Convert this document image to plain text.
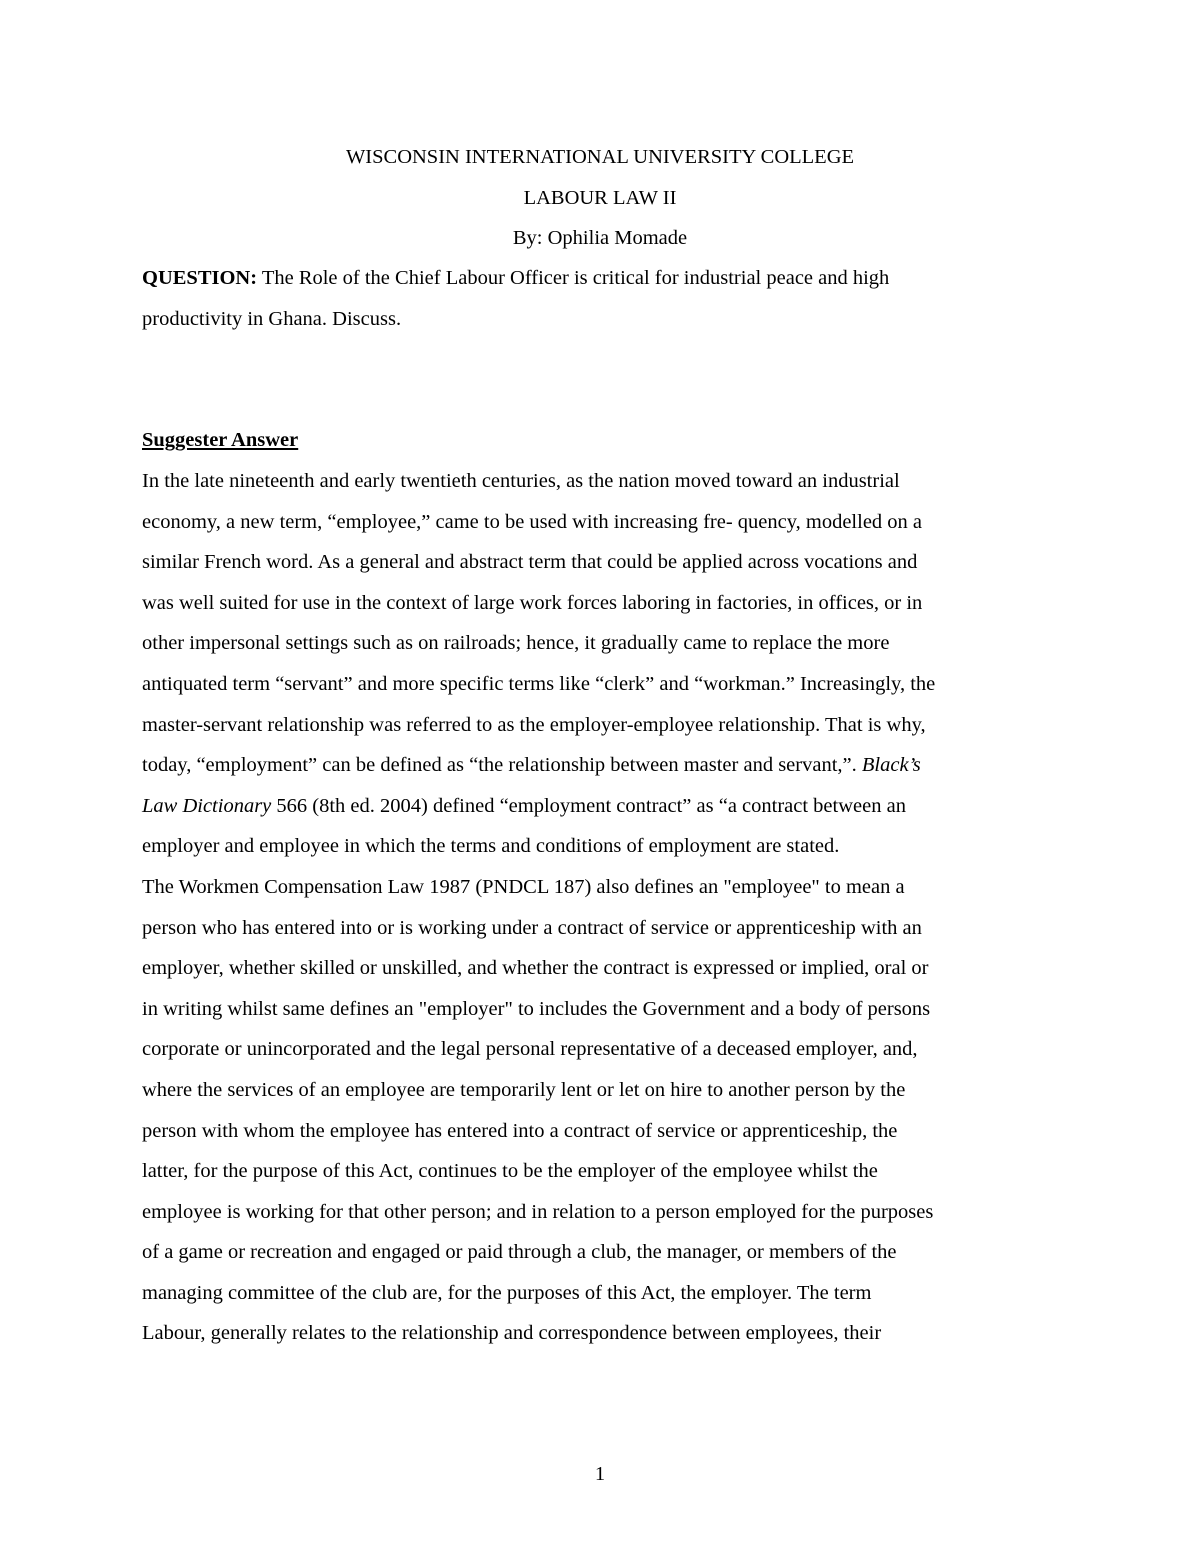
WISCONSIN INTERNATIONAL UNIVERSITY COLLEGE
LABOUR LAW II
By: Ophilia Momade
QUESTION: The Role of the Chief Labour Officer is critical for industrial peace and high
productivity in Ghana. Discuss.
Suggester Answer
In the late nineteenth and early twentieth centuries, as the nation moved toward an industrial
economy, a new term, “employee,” came to be used with increasing fre- quency, modelled on a
similar French word. As a general and abstract term that could be applied across vocations and
was well suited for use in the context of large work forces laboring in factories, in offices, or in
other impersonal settings such as on railroads; hence, it gradually came to replace the more
antiquated term “servant” and more specific terms like “clerk” and “workman.” Increasingly, the
master-servant relationship was referred to as the employer-employee relationship. That is why,
today, “employment” can be defined as “the relationship between master and servant,”. Black’s
Law Dictionary 566 (8th ed. 2004) defined “employment contract” as “a contract between an
employer and employee in which the terms and conditions of employment are stated.
The Workmen Compensation Law 1987 (PNDCL 187) also defines an "employee" to mean a
person who has entered into or is working under a contract of service or apprenticeship with an
employer, whether skilled or unskilled, and whether the contract is expressed or implied, oral or
in writing whilst same defines an "employer" to includes the Government and a body of persons
corporate or unincorporated and the legal personal representative of a deceased employer, and,
where the services of an employee are temporarily lent or let on hire to another person by the
person with whom the employee has entered into a contract of service or apprenticeship, the
latter, for the purpose of this Act, continues to be the employer of the employee whilst the
employee is working for that other person; and in relation to a person employed for the purposes
of a game or recreation and engaged or paid through a club, the manager, or members of the
managing committee of the club are, for the purposes of this Act, the employer. The term
Labour, generally relates to the relationship and correspondence between employees, their
1
